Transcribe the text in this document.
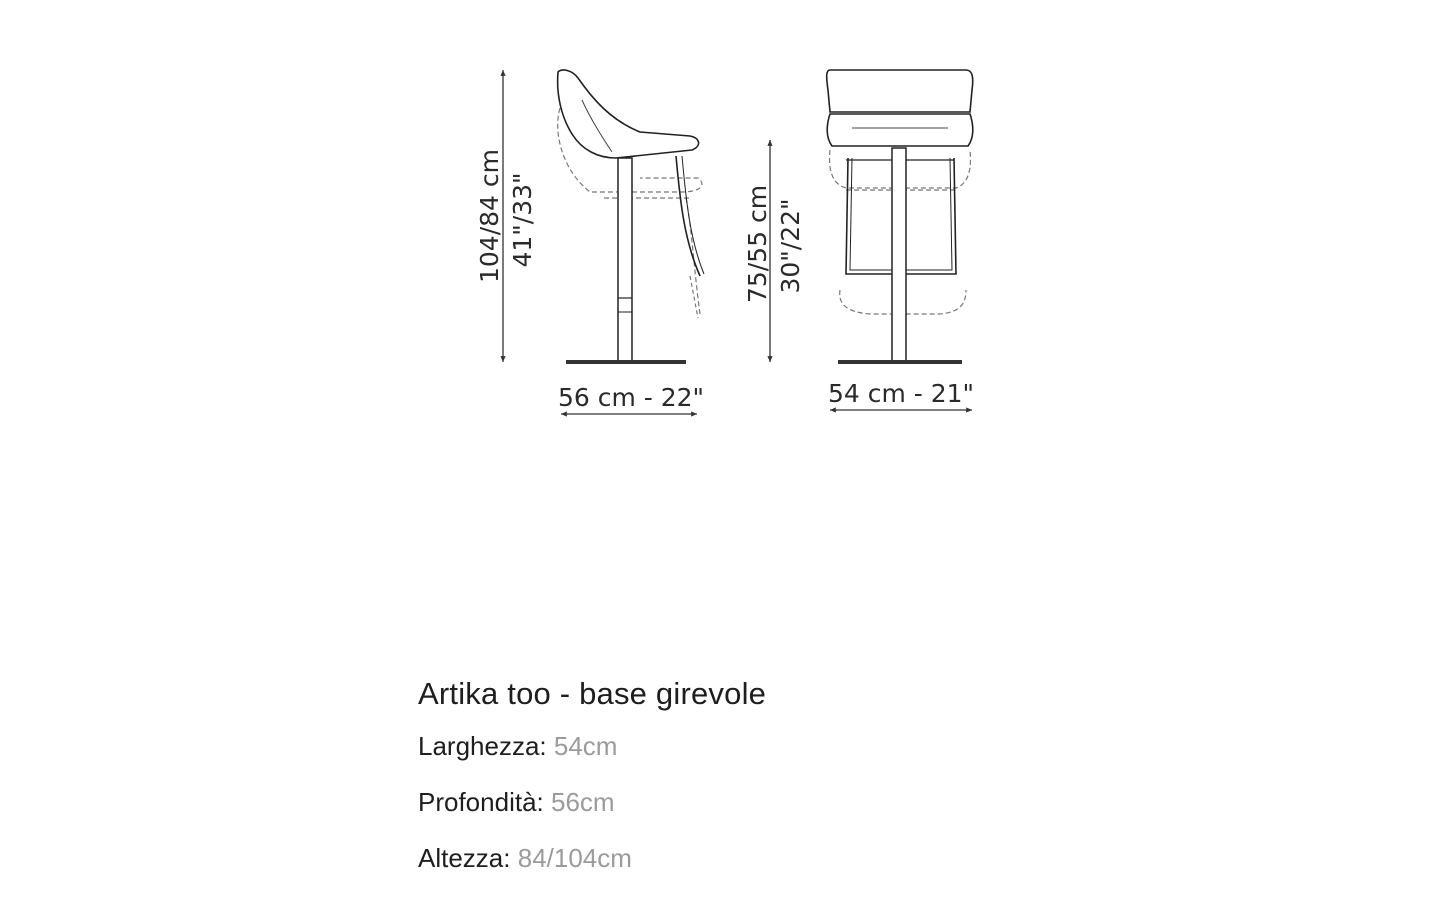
104/84 cm 41"/33"
56 cm - 22"
75/55 cm 30"/22"
54 cm - 21"
Artika too - base girevole
Larghezza: 54cm
Profondità: 56cm
Altezza: 84/104cm
